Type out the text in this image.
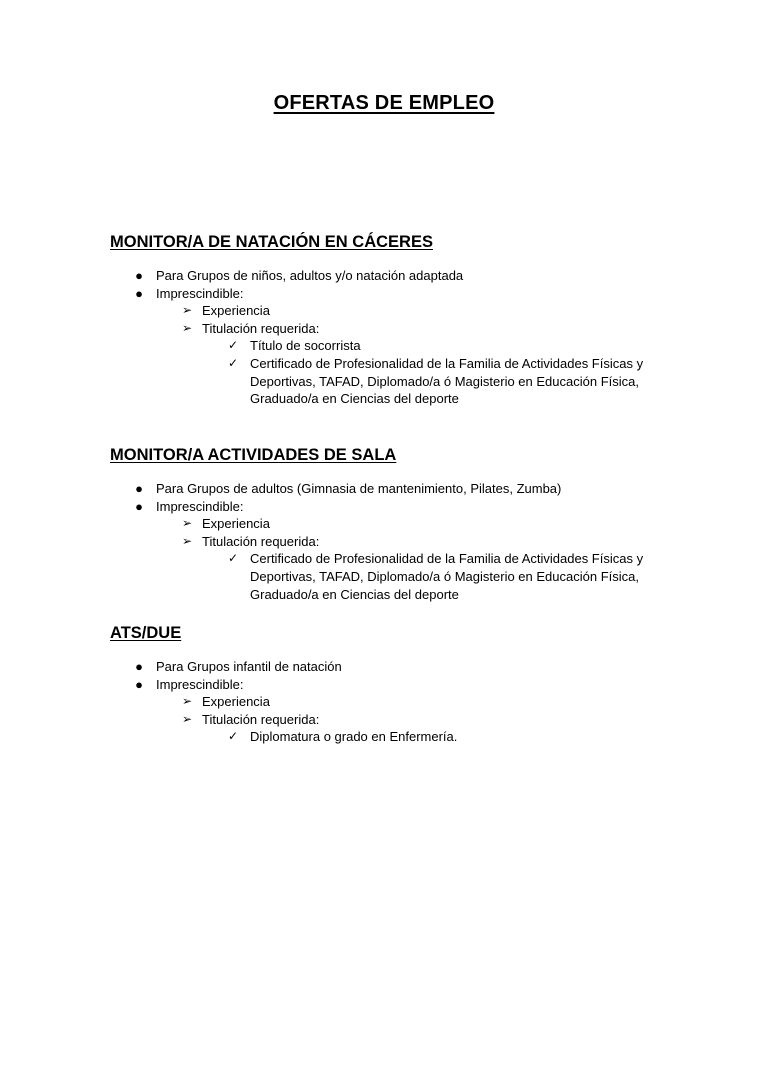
OFERTAS DE EMPLEO
MONITOR/A DE NATACIÓN EN CÁCERES
● Para Grupos de niños, adultos y/o natación adaptada
● Imprescindible:
➢ Experiencia
➢ Titulación requerida:
✓ Título de socorrista
✓ Certificado de Profesionalidad de la Familia de Actividades Físicas y Deportivas, TAFAD, Diplomado/a ó Magisterio en Educación Física, Graduado/a en Ciencias del deporte
MONITOR/A ACTIVIDADES DE SALA
● Para Grupos de adultos (Gimnasia de mantenimiento, Pilates, Zumba)
● Imprescindible:
➢ Experiencia
➢ Titulación requerida:
✓ Certificado de Profesionalidad de la Familia de Actividades Físicas y Deportivas, TAFAD, Diplomado/a ó Magisterio en Educación Física, Graduado/a en Ciencias del deporte
ATS/DUE
● Para Grupos infantil de natación
● Imprescindible:
➢ Experiencia
➢ Titulación requerida:
✓ Diplomatura o grado en Enfermería.
